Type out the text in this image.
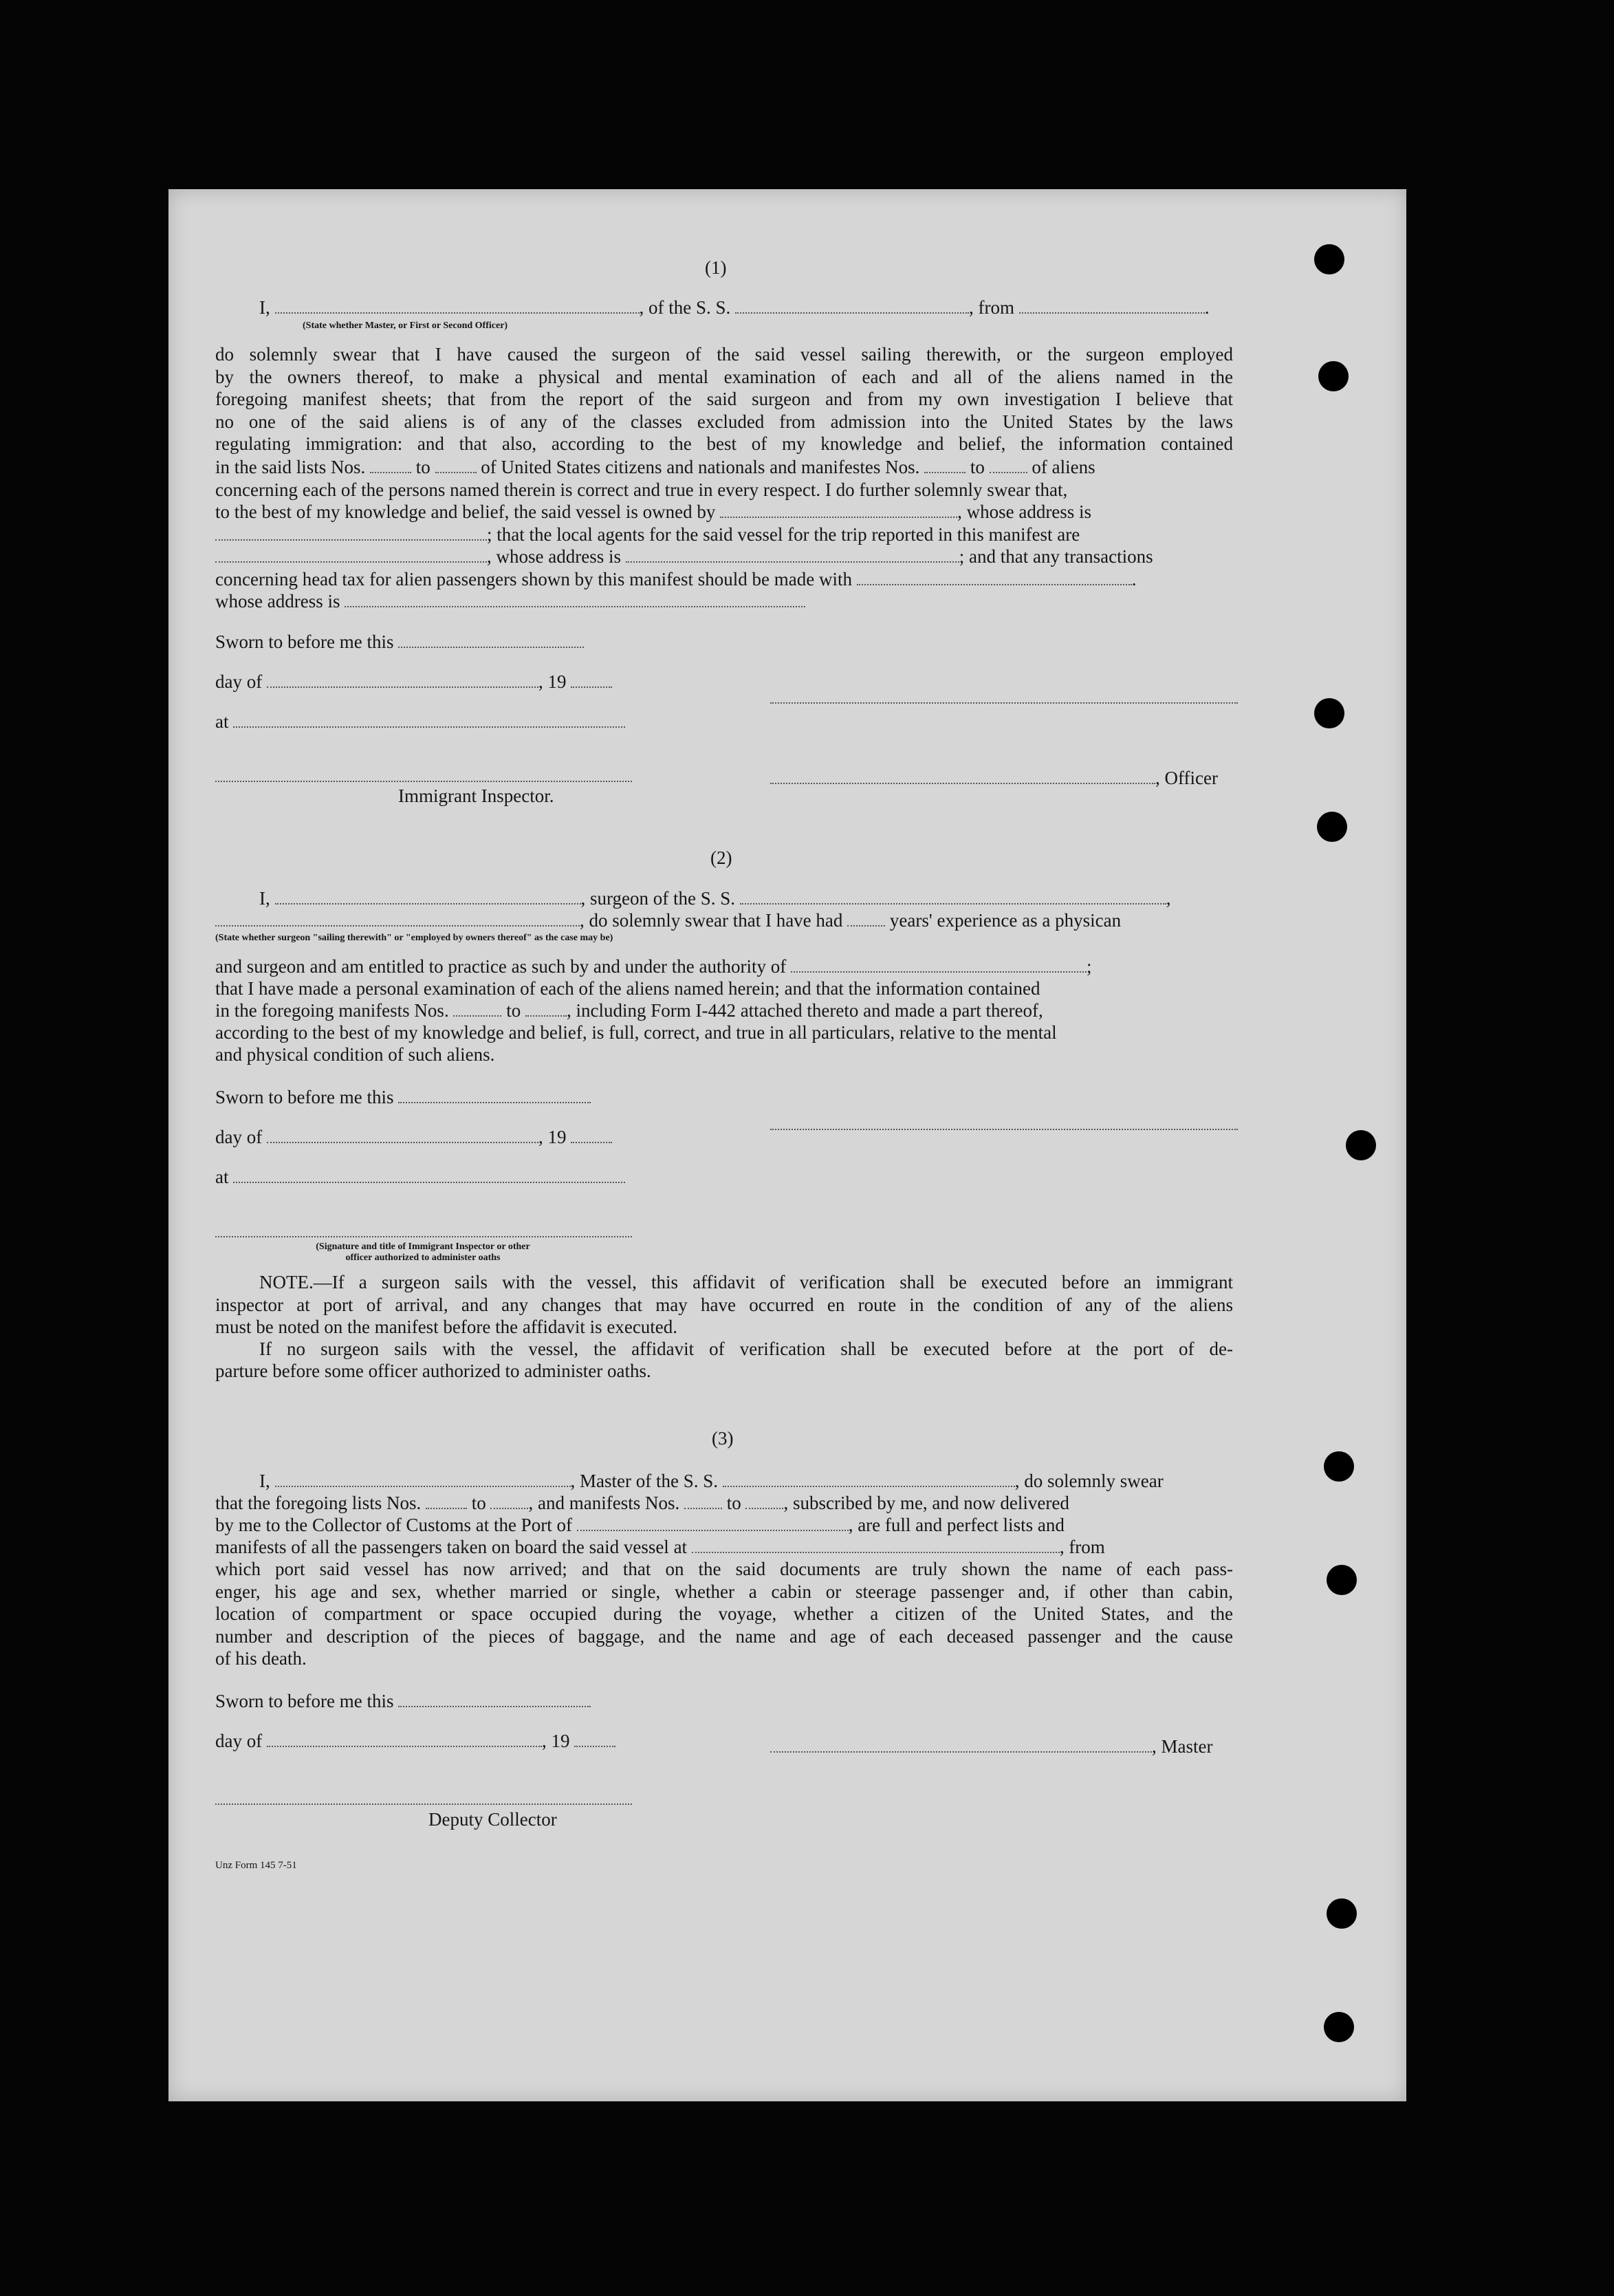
(1)
I,	, of the S. S.	, from	.
(State whether Master, or First or Second Officer)
do solemnly swear that I have caused the surgeon of the said vessel sailing therewith, or the surgeon employed
by the owners thereof, to make a physical and mental examination of each and all of the aliens named in the
foregoing manifest sheets; that from the report of the said surgeon and from my own investigation I believe that
no one of the said aliens is of any of the classes excluded from admission into the United States by the laws
regulating immigration: and that also, according to the best of my knowledge and belief, the information contained
in the said lists Nos.	to	of United States citizens and nationals and manifestes Nos.	to	of aliens
concerning each of the persons named therein is correct and true in every respect. I do further solemnly swear that,
to the best of my knowledge and belief, the said vessel is owned by	, whose address is
; that the local agents for the said vessel for the trip reported in this manifest are
, whose address is	; and that any transactions
concerning head tax for alien passengers shown by this manifest should be made with	.
whose address is
Sworn to before me this
day of	, 19
at
, Officer
Immigrant Inspector.
(2)
I,	, surgeon of the S. S.	,
, do solemnly swear that I have had	years' experience as a physican
(State whether surgeon "sailing therewith" or "employed by owners thereof" as the case may be)
and surgeon and am entitled to practice as such by and under the authority of	;
that I have made a personal examination of each of the aliens named herein; and that the information contained
in the foregoing manifests Nos.	to , including Form I-442 attached thereto and made a part thereof,
according to the best of my knowledge and belief, is full, correct, and true in all particulars, relative to the mental
and physical condition of such aliens.
Sworn to before me this
day of	, 19
at
(Signature and title of Immigrant Inspector or other
officer authorized to administer oaths
NOTE.—If a surgeon sails with the vessel, this affidavit of verification shall be executed before an immigrant
inspector at port of arrival, and any changes that may have occurred en route in the condition of any of the aliens
must be noted on the manifest before the affidavit is executed.
If no surgeon sails with the vessel, the affidavit of verification shall be executed before at the port of de-
parture before some officer authorized to administer oaths.
(3)
I,	, Master of the S. S.	, do solemnly swear
that the foregoing lists Nos.	to , and manifests Nos.	to , subscribed by me, and now delivered
by me to the Collector of Customs at the Port of	, are full and perfect lists and
manifests of all the passengers taken on board the said vessel at	, from
which port said vessel has now arrived; and that on the said documents are truly shown the name of each pass-
enger, his age and sex, whether married or single, whether a cabin or steerage passenger and, if other than cabin,
location of compartment or space occupied during the voyage, whether a citizen of the United States, and the
number and description of the pieces of baggage, and the name and age of each deceased passenger and the cause
of his death.
Sworn to before me this
day of	, 19	, Master
Deputy Collector
Unz Form 145 7-51
